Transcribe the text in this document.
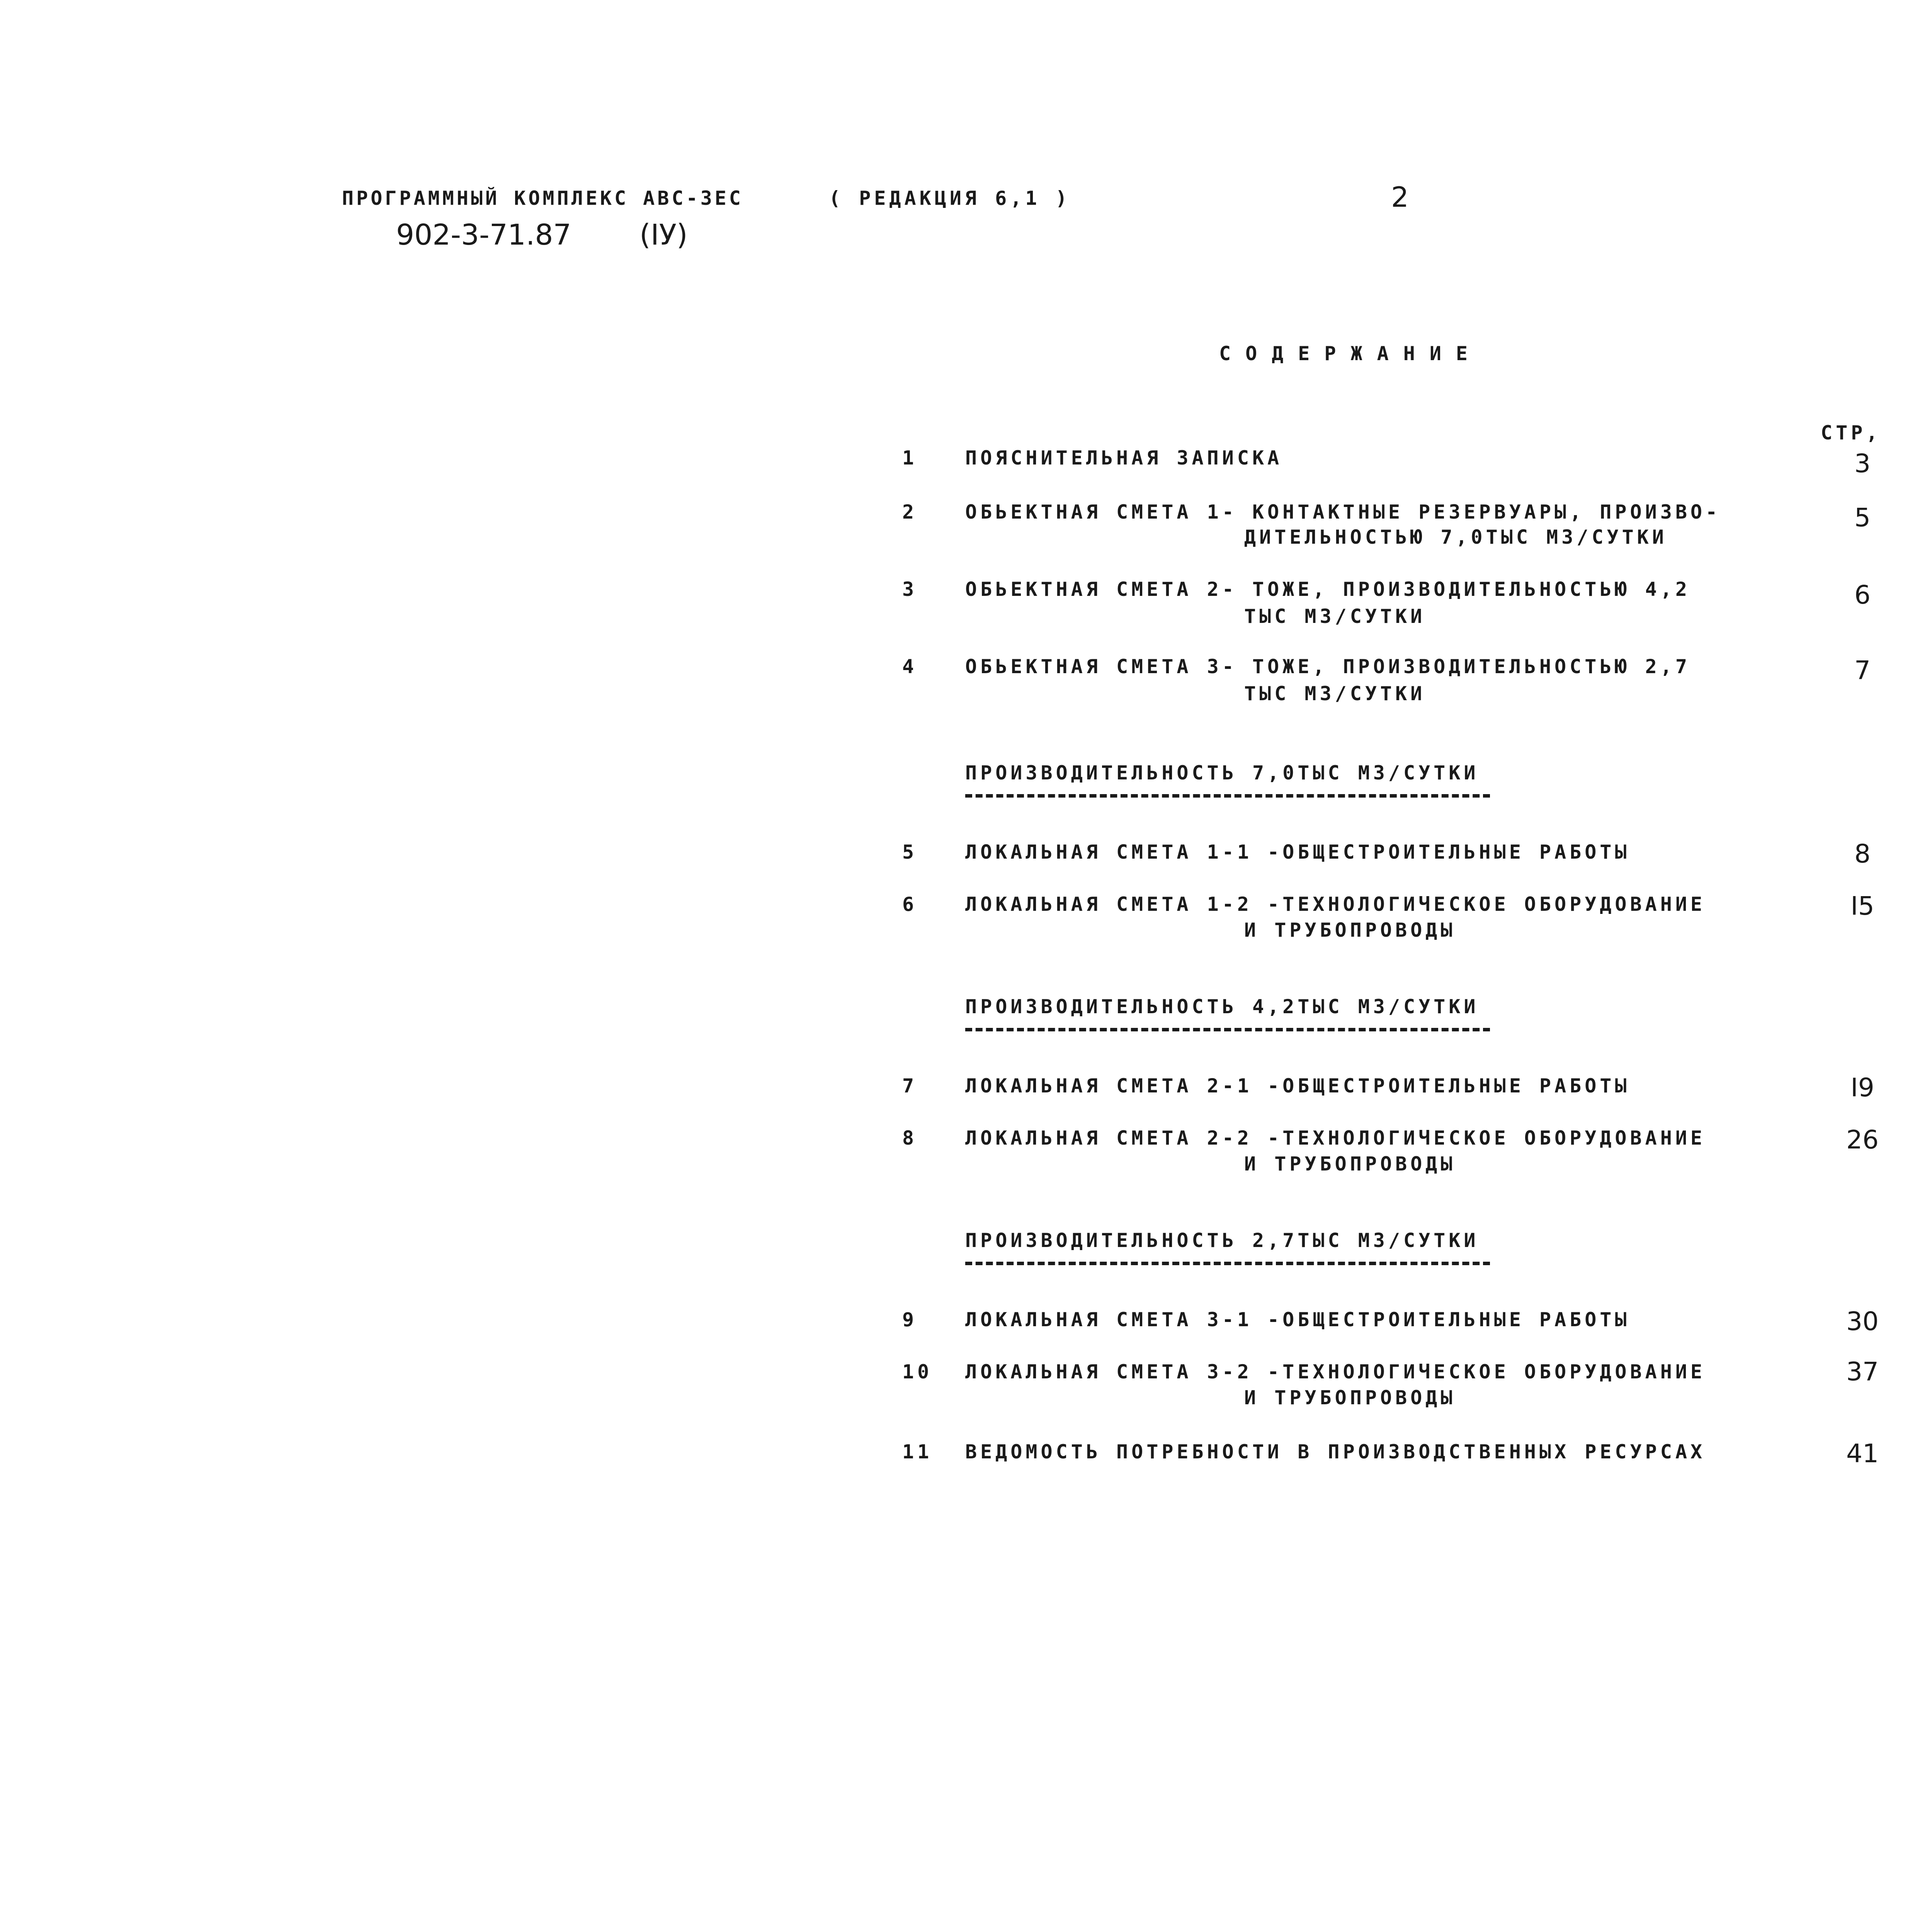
ПРОГРАММНЫЙ КОМПЛЕКС АВС-3ЕС	( РЕДАКЦИЯ 6,1 )	2
902-3-71.87 (IУ)
СОДЕРЖАНИЕ
СТР,
1 ПОЯСНИТЕЛЬНАЯ ЗАПИСКА	3
2 ОБЬЕКТНАЯ СМЕТА 1- КОНТАКТНЫЕ РЕЗЕРВУАРЫ, ПРОИЗВО-
ДИТЕЛЬНОСТЬЮ 7,0ТЫС М3/СУТКИ
5
3 ОБЬЕКТНАЯ СМЕТА 2- ТОЖЕ, ПРОИЗВОДИТЕЛЬНОСТЬЮ 4,2
ТЫС М3/СУТКИ
6
4 ОБЬЕКТНАЯ СМЕТА 3- ТОЖЕ, ПРОИЗВОДИТЕЛЬНОСТЬЮ 2,7
ТЫС М3/СУТКИ
7
ПРОИЗВОДИТЕЛЬНОСТЬ 7,0ТЫС М3/СУТКИ
5 ЛОКАЛЬНАЯ СМЕТА 1-1 -ОБЩЕСТРОИТЕЛЬНЫЕ РАБОТЫ	8
6 ЛОКАЛЬНАЯ СМЕТА 1-2 -ТЕХНОЛОГИЧЕСКОЕ ОБОРУДОВАНИЕ
И ТРУБОПРОВОДЫ
I5
ПРОИЗВОДИТЕЛЬНОСТЬ 4,2ТЫС М3/СУТКИ
7 ЛОКАЛЬНАЯ СМЕТА 2-1 -ОБЩЕСТРОИТЕЛЬНЫЕ РАБОТЫ	I9
8 ЛОКАЛЬНАЯ СМЕТА 2-2 -ТЕХНОЛОГИЧЕСКОЕ ОБОРУДОВАНИЕ
И ТРУБОПРОВОДЫ
26
ПРОИЗВОДИТЕЛЬНОСТЬ 2,7ТЫС М3/СУТКИ
9 ЛОКАЛЬНАЯ СМЕТА 3-1 -ОБЩЕСТРОИТЕЛЬНЫЕ РАБОТЫ	30
10 ЛОКАЛЬНАЯ СМЕТА 3-2 -ТЕХНОЛОГИЧЕСКОЕ ОБОРУДОВАНИЕ
И ТРУБОПРОВОДЫ
37
11 ВЕДОМОСТЬ ПОТРЕБНОСТИ В ПРОИЗВОДСТВЕННЫХ РЕСУРСАХ	41
